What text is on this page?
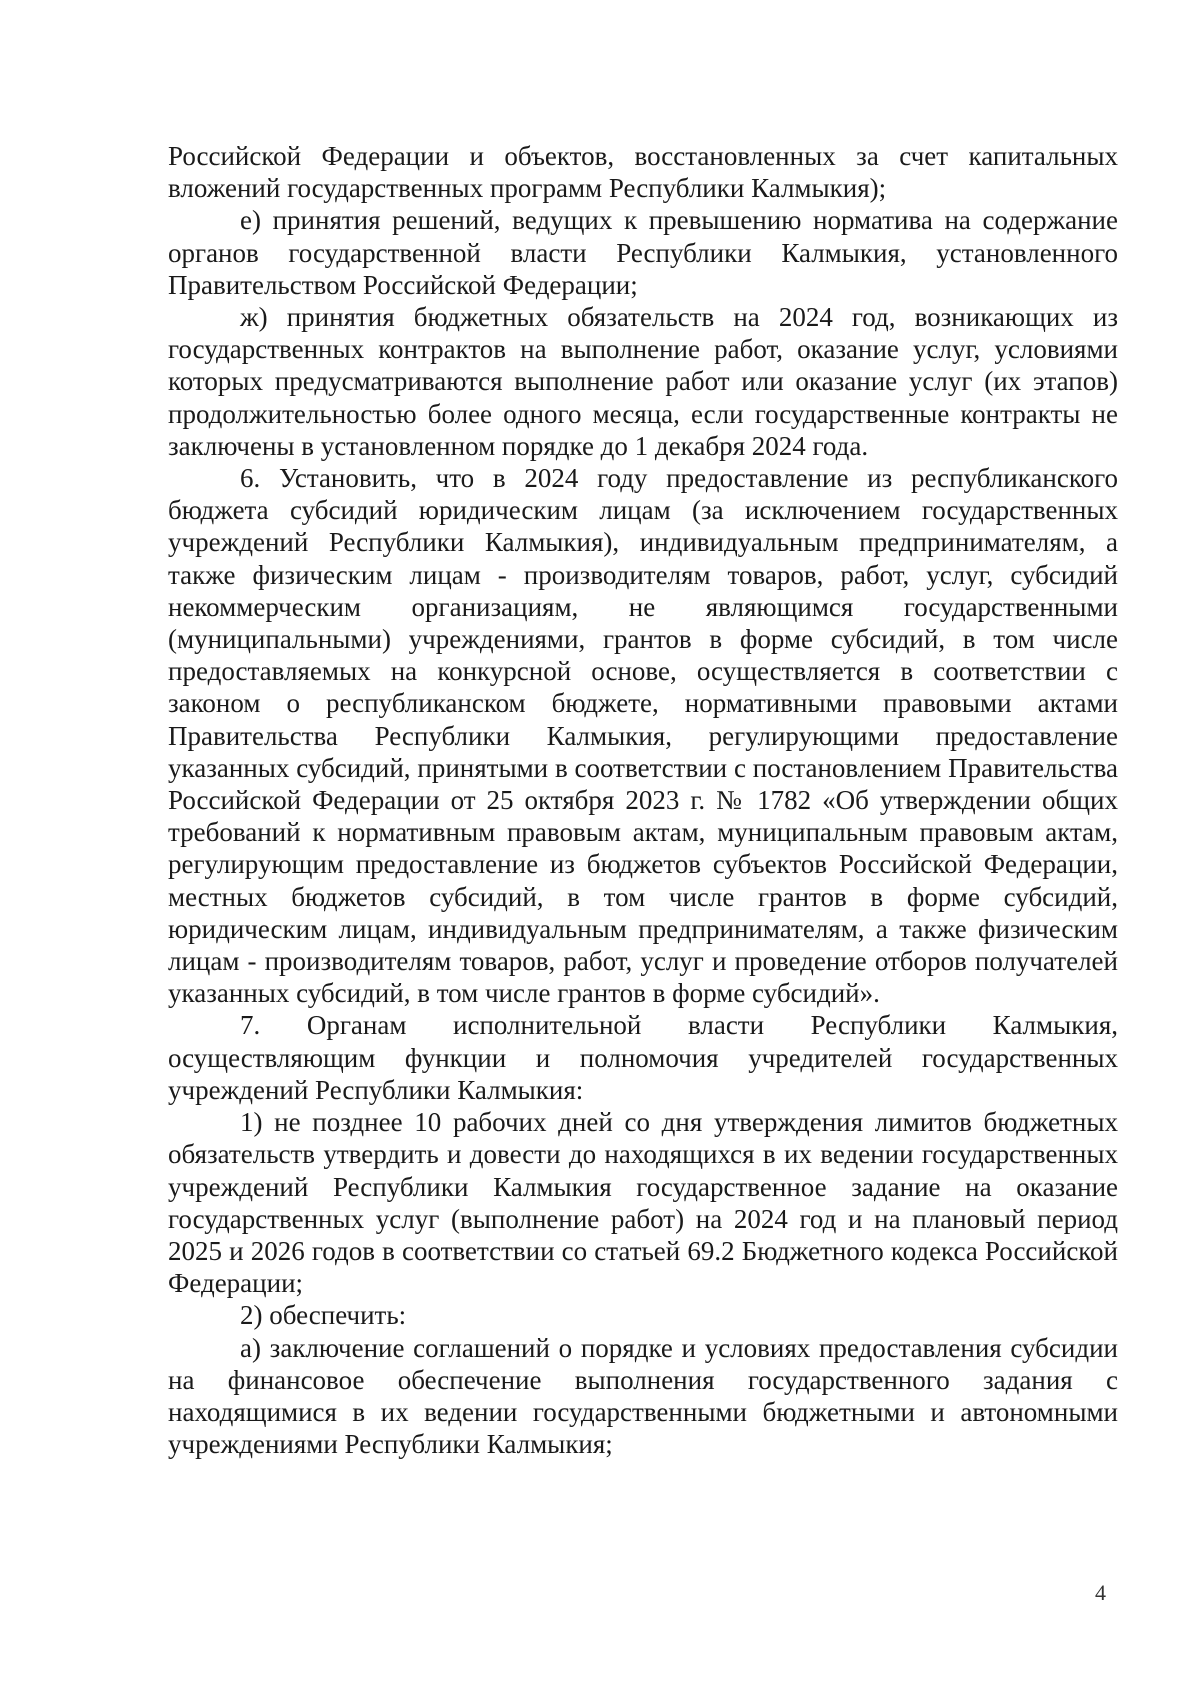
Российской Федерации и объектов, восстановленных за счет капитальных вложений государственных программ Республики Калмыкия);

е) принятия решений, ведущих к превышению норматива на содержание органов государственной власти Республики Калмыкия, установленного Правительством Российской Федерации;

ж) принятия бюджетных обязательств на 2024 год, возникающих из государственных контрактов на выполнение работ, оказание услуг, условиями которых предусматриваются выполнение работ или оказание услуг (их этапов) продолжительностью более одного месяца, если государственные контракты не заключены в установленном порядке до 1 декабря 2024 года.

6. Установить, что в 2024 году предоставление из республиканского бюджета субсидий юридическим лицам (за исключением государственных учреждений Республики Калмыкия), индивидуальным предпринимателям, а также физическим лицам - производителям товаров, работ, услуг, субсидий некоммерческим организациям, не являющимся государственными (муниципальными) учреждениями, грантов в форме субсидий, в том числе предоставляемых на конкурсной основе, осуществляется в соответствии с законом о республиканском бюджете, нормативными правовыми актами Правительства Республики Калмыкия, регулирующими предоставление указанных субсидий, принятыми в соответствии с постановлением Правительства Российской Федерации от 25 октября 2023 г. № 1782 «Об утверждении общих требований к нормативным правовым актам, муниципальным правовым актам, регулирующим предоставление из бюджетов субъектов Российской Федерации, местных бюджетов субсидий, в том числе грантов в форме субсидий, юридическим лицам, индивидуальным предпринимателям, а также физическим лицам - производителям товаров, работ, услуг и проведение отборов получателей указанных субсидий, в том числе грантов в форме субсидий».

7. Органам исполнительной власти Республики Калмыкия, осуществляющим функции и полномочия учредителей государственных учреждений Республики Калмыкия:

1) не позднее 10 рабочих дней со дня утверждения лимитов бюджетных обязательств утвердить и довести до находящихся в их ведении государственных учреждений Республики Калмыкия государственное задание на оказание государственных услуг (выполнение работ) на 2024 год и на плановый период 2025 и 2026 годов в соответствии со статьей 69.2 Бюджетного кодекса Российской Федерации;

2) обеспечить:

а) заключение соглашений о порядке и условиях предоставления субсидии на финансовое обеспечение выполнения государственного задания с находящимися в их ведении государственными бюджетными и автономными учреждениями Республики Калмыкия;

4
